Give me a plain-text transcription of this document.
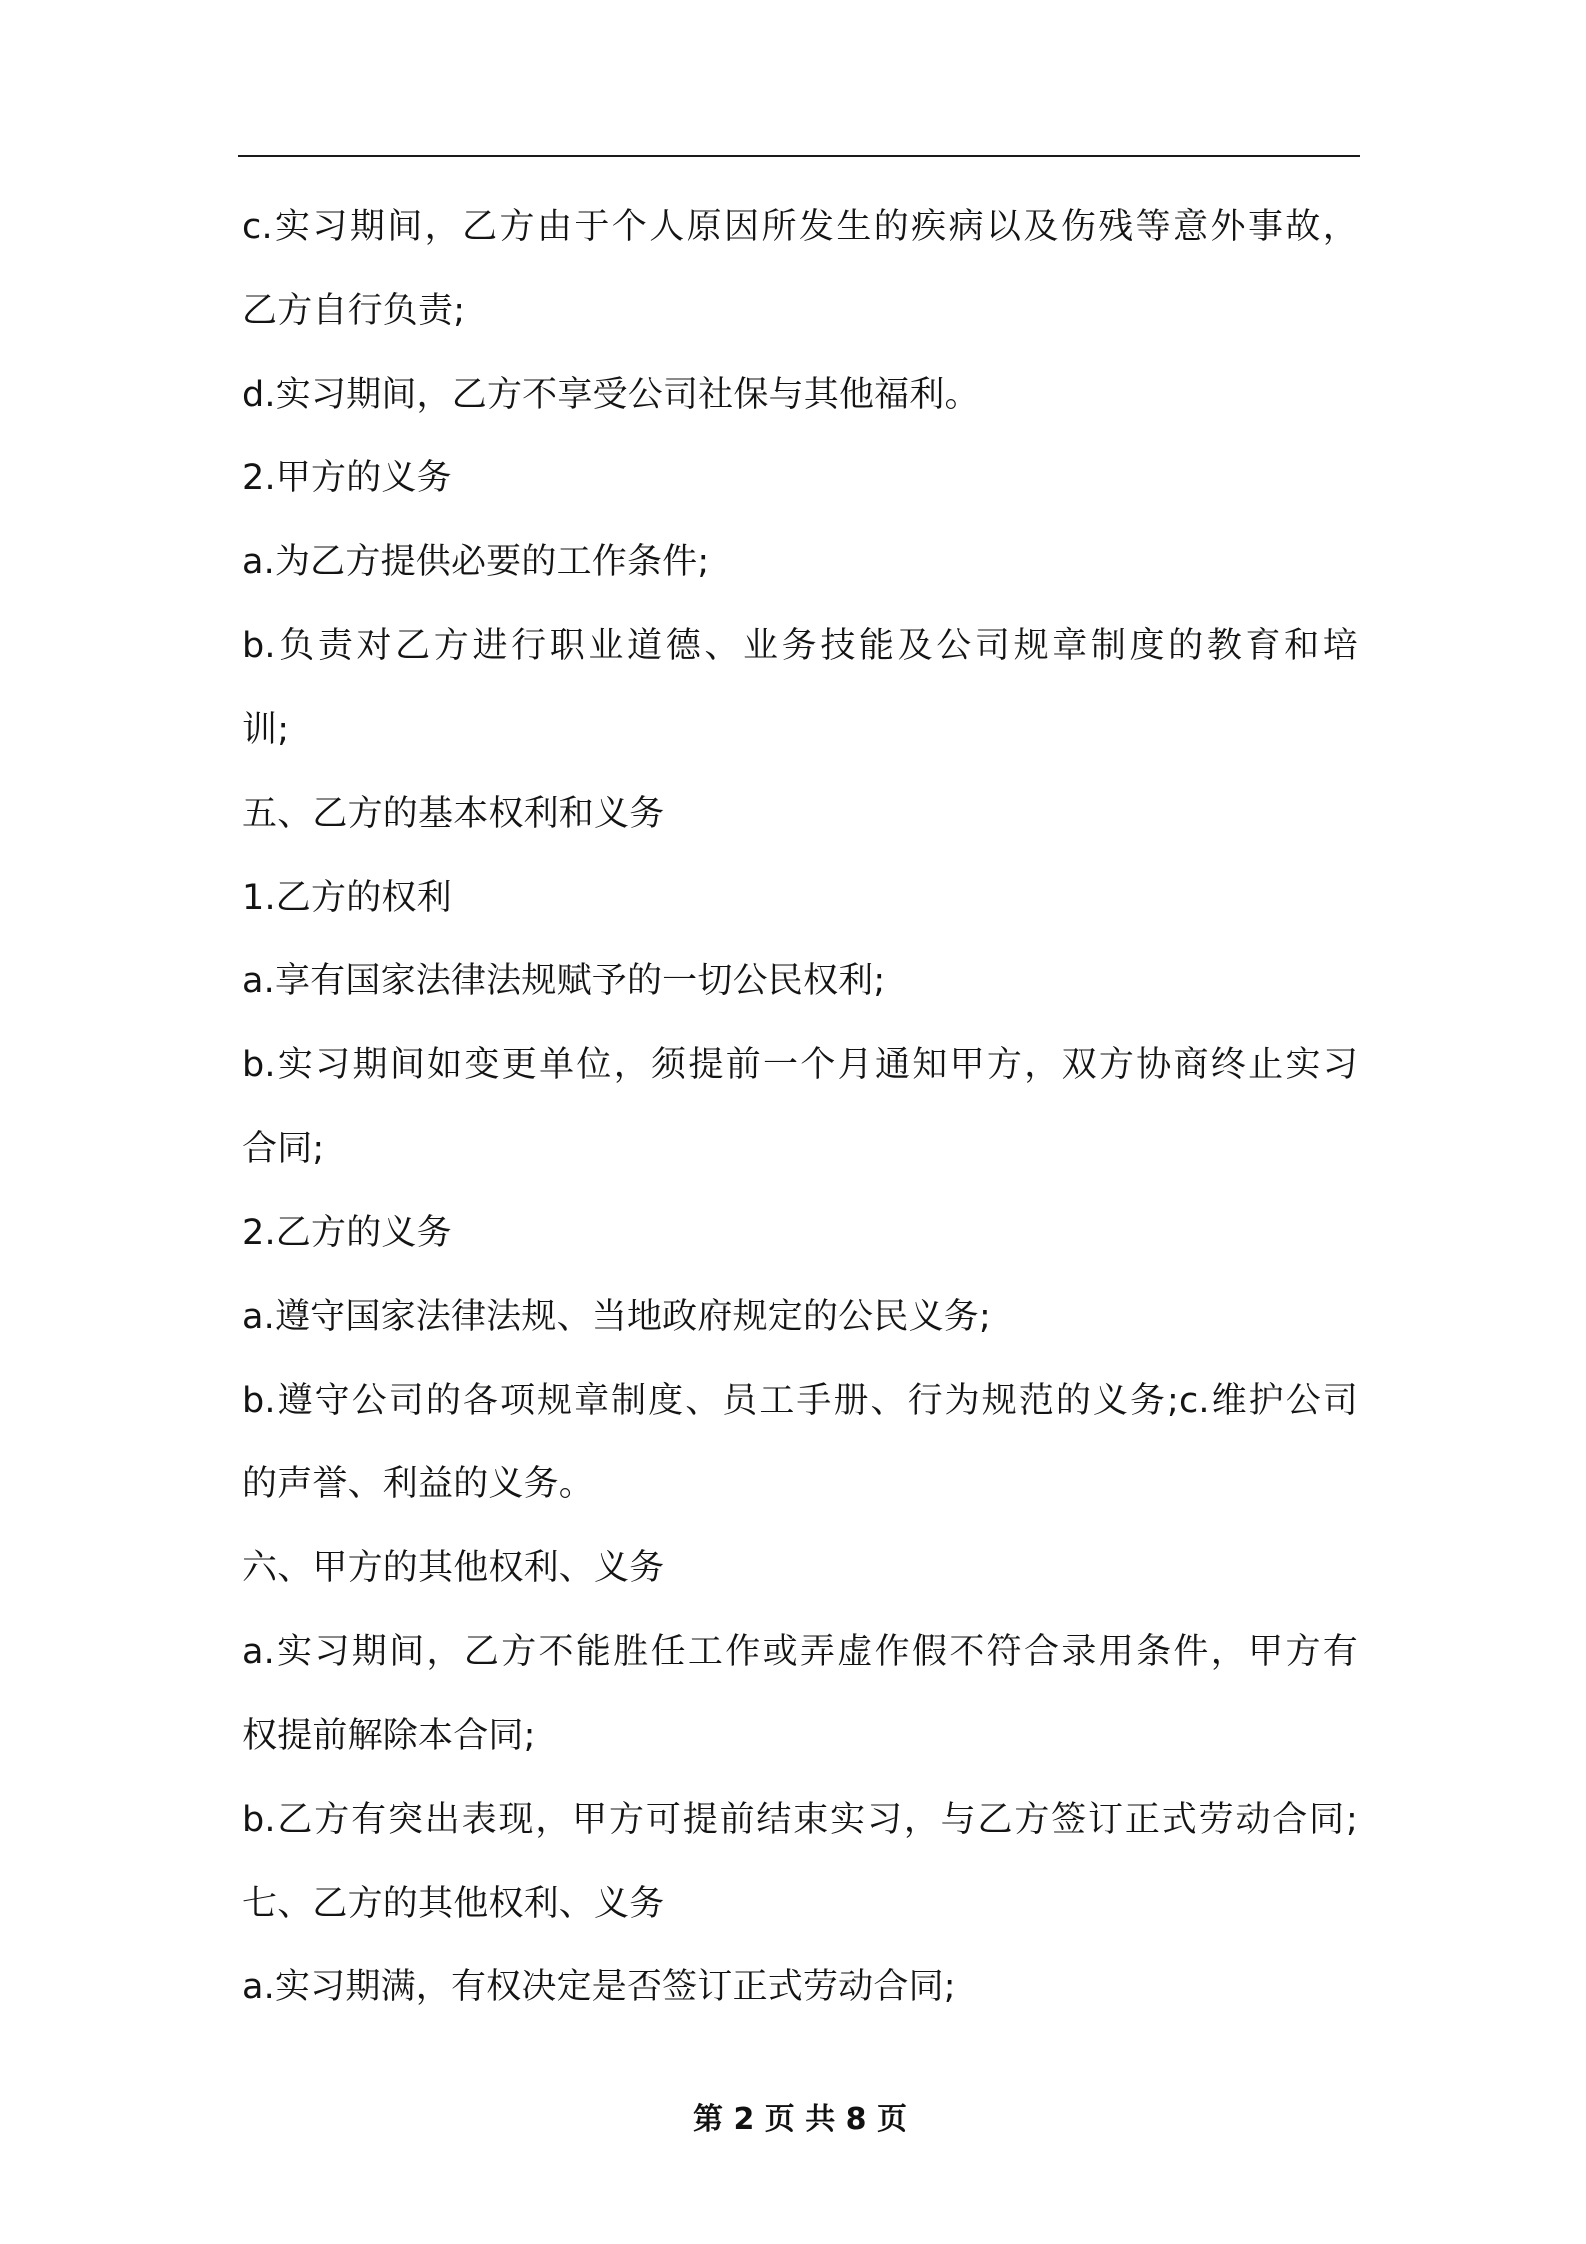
c.实习期间，乙方由于个人原因所发生的疾病以及伤残等意外事故，
乙方自行负责;
d.实习期间，乙方不享受公司社保与其他福利。
2.甲方的义务
a.为乙方提供必要的工作条件;
b.负责对乙方进行职业道德、业务技能及公司规章制度的教育和培
训;
五、乙方的基本权利和义务
1.乙方的权利
a.享有国家法律法规赋予的一切公民权利;
b.实习期间如变更单位，须提前一个月通知甲方，双方协商终止实习
合同;
2.乙方的义务
a.遵守国家法律法规、当地政府规定的公民义务;
b.遵守公司的各项规章制度、员工手册、行为规范的义务;c.维护公司
的声誉、利益的义务。
六、甲方的其他权利、义务
a.实习期间，乙方不能胜任工作或弄虚作假不符合录用条件，甲方有
权提前解除本合同;
b.乙方有突出表现，甲方可提前结束实习，与乙方签订正式劳动合同;
七、乙方的其他权利、义务
a.实习期满，有权决定是否签订正式劳动合同;
第 2 页 共 8 页
